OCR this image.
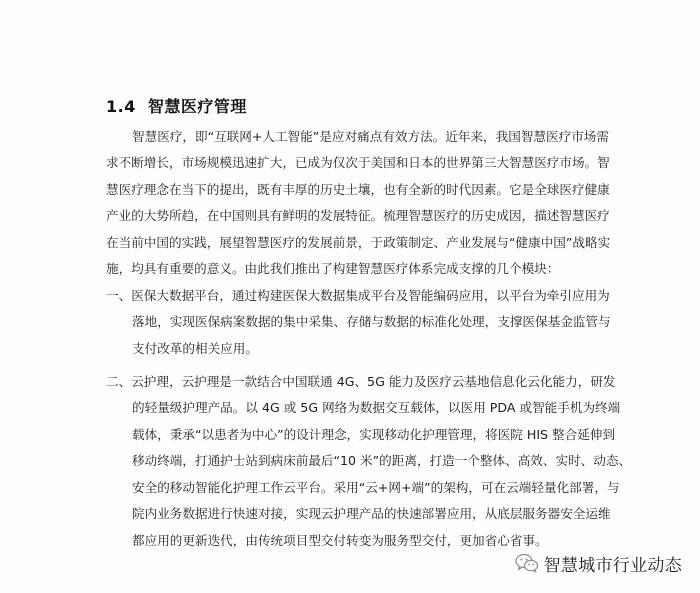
1.4 智慧医疗管理
智慧医疗，即“互联网+人工智能”是应对痛点有效方法。近年来，我国智慧医疗市场需
求不断增长，市场规模迅速扩大，已成为仅次于美国和日本的世界第三大智慧医疗市场。智
慧医疗理念在当下的提出，既有丰厚的历史土壤，也有全新的时代因素。它是全球医疗健康
产业的大势所趋，在中国则具有鲜明的发展特征。梳理智慧医疗的历史成因，描述智慧医疗
在当前中国的实践，展望智慧医疗的发展前景，于政策制定、产业发展与“健康中国”战略实
施，均具有重要的意义。由此我们推出了构建智慧医疗体系完成支撑的几个模块：
一、医保大数据平台，通过构建医保大数据集成平台及智能编码应用，以平台为牵引应用为
落地，实现医保病案数据的集中采集、存储与数据的标准化处理，支撑医保基金监管与
支付改革的相关应用。
二、云护理，云护理是一款结合中国联通 4G、5G 能力及医疗云基地信息化云化能力，研发
的轻量级护理产品。以 4G 或 5G 网络为数据交互载体，以医用 PDA 或智能手机为终端
载体，秉承“以患者为中心”的设计理念，实现移动化护理管理，将医院 HIS 整合延伸到
移动终端，打通护士站到病床前最后“10 米”的距离，打造一个整体、高效、实时、动态、
安全的移动智能化护理工作云平台。采用“云+网+端”的架构，可在云端轻量化部署，与
院内业务数据进行快速对接，实现云护理产品的快速部署应用，从底层服务器安全运维
都应用的更新迭代，由传统项目型交付转变为服务型交付，更加省心省事。
智慧城市行业动态
